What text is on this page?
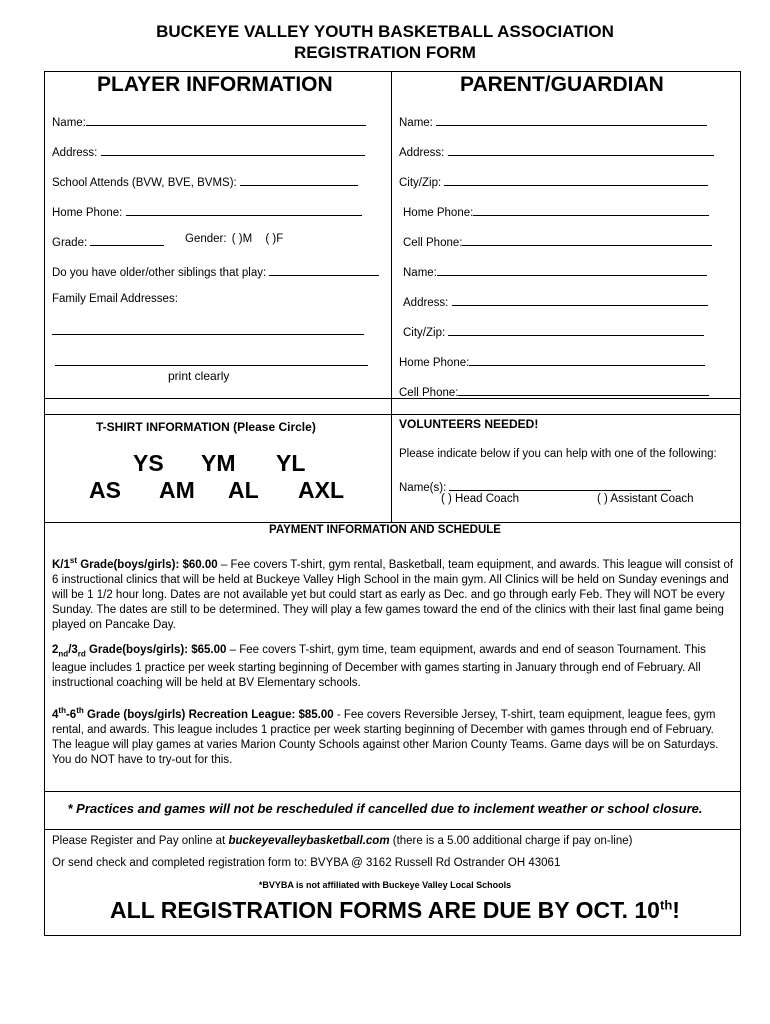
BUCKEYE VALLEY YOUTH BASKETBALL ASSOCIATION
REGISTRATION FORM
PLAYER INFORMATION
Name:
Address:
School Attends (BVW, BVE, BVMS):
Home Phone:
Grade:	Gender: ( )M ( )F
Do you have older/other siblings that play:
Family Email Addresses:
print clearly
PARENT/GUARDIAN
Name:
Address:
City/Zip:
Home Phone:
Cell Phone:
Name:
Address:
City/Zip:
Home Phone:
Cell Phone:
T-SHIRT INFORMATION (Please Circle)
YS YM YL
AS AM AL AXL
VOLUNTEERS NEEDED!
Please indicate below if you can help with one of the following:
Name(s):
( ) Head Coach	( ) Assistant Coach
PAYMENT INFORMATION AND SCHEDULE
K/1st Grade(boys/girls): $60.00 – Fee covers T-shirt, gym rental, Basketball, team equipment, and awards. This league will consist of 6 instructional clinics that will be held at Buckeye Valley High School in the main gym. All Clinics will be held on Sunday evenings and will be 1 1/2 hour long. Dates are not available yet but could start as early as Dec. and go through early Feb. They will NOT be every Sunday. The dates are still to be determined. They will play a few games toward the end of the clinics with their last final game being played on Pancake Day.
$2_{nd}/3_{rd}$ Grade(boys/girls): $65.00 – Fee covers T-shirt, gym time, team equipment, awards and end of season Tournament. This league includes 1 practice per week starting beginning of December with games starting in January through end of February. All instructional coaching will be held at BV Elementary schools.
4th-6th Grade (boys/girls) Recreation League: $85.00 - Fee covers Reversible Jersey, T-shirt, team equipment, league fees, gym rental, and awards. This league includes 1 practice per week starting beginning of December with games through end of February. The league will play games at varies Marion County Schools against other Marion County Teams. Game days will be on Saturdays. You do NOT have to try-out for this.
* Practices and games will not be rescheduled if cancelled due to inclement weather or school closure.
Please Register and Pay online at buckeyevalleybasketball.com (there is a 5.00 additional charge if pay on-line)
Or send check and completed registration form to: BVYBA @ 3162 Russell Rd Ostrander OH 43061
*BVYBA is not affiliated with Buckeye Valley Local Schools
ALL REGISTRATION FORMS ARE DUE BY OCT. 10th!
